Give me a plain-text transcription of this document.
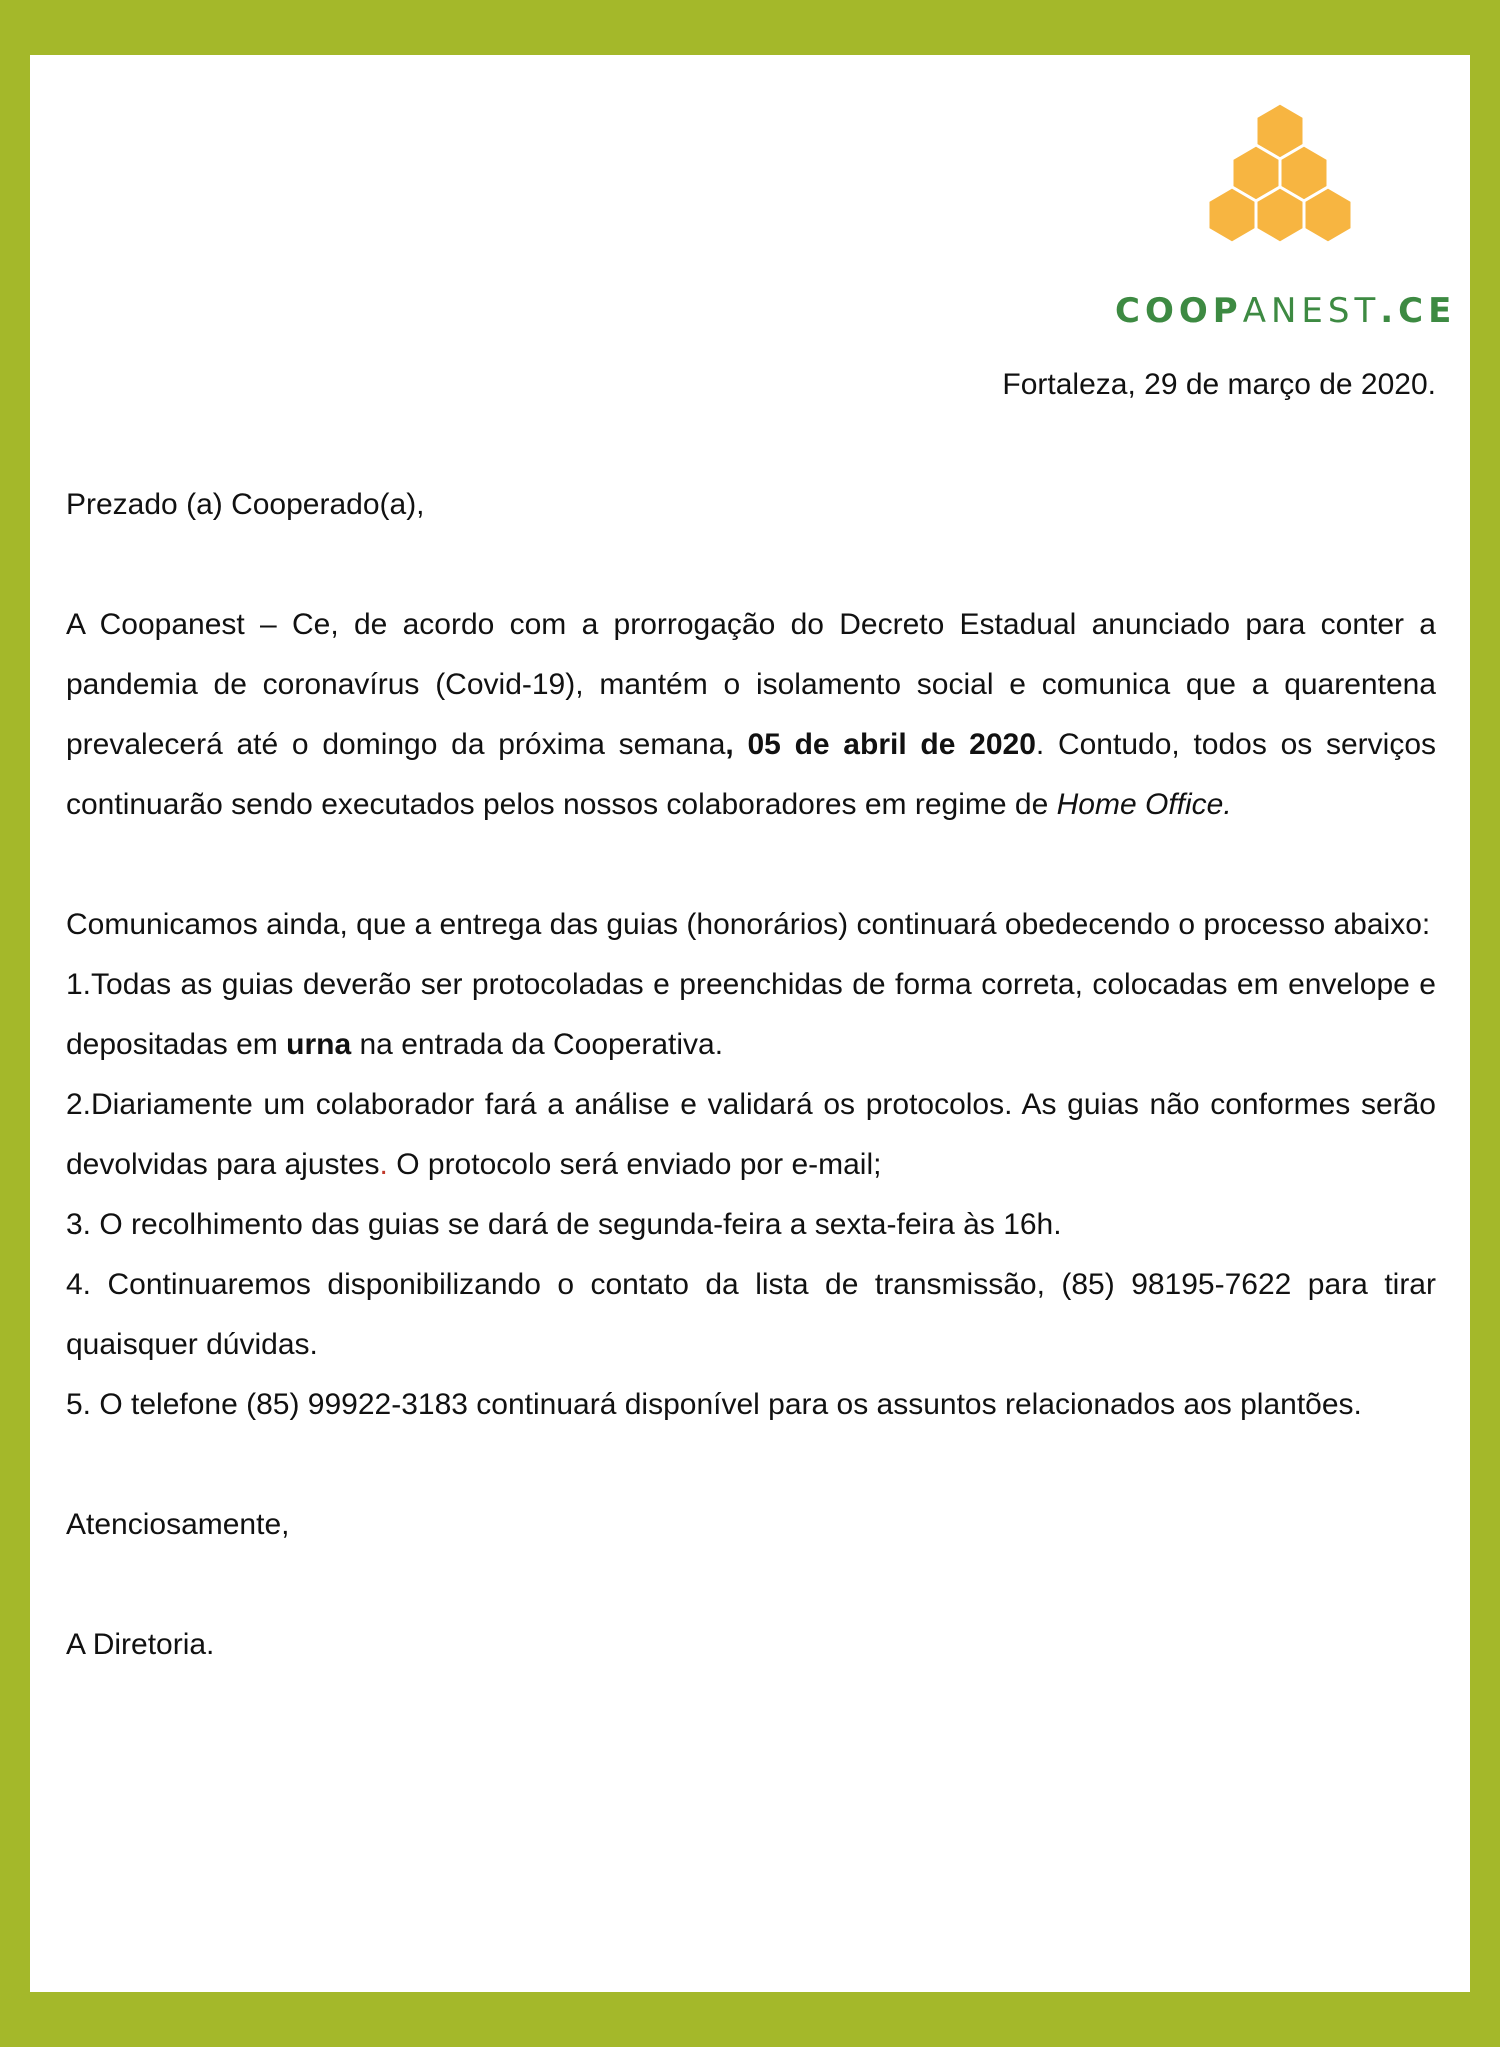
COOPANEST.CE

Fortaleza, 29 de março de 2020.

Prezado (a) Cooperado(a),

A Coopanest – Ce, de acordo com a prorrogação do Decreto Estadual anunciado para conter a pandemia de coronavírus (Covid-19), mantém o isolamento social e comunica que a quarentena prevalecerá até o domingo da próxima semana, 05 de abril de 2020. Contudo, todos os serviços continuarão sendo executados pelos nossos colaboradores em regime de Home Office.

Comunicamos ainda, que a entrega das guias (honorários) continuará obedecendo o processo abaixo:

1.Todas as guias deverão ser protocoladas e preenchidas de forma correta, colocadas em envelope e depositadas em urna na entrada da Cooperativa.

2.Diariamente um colaborador fará a análise e validará os protocolos. As guias não conformes serão devolvidas para ajustes. O protocolo será enviado por e-mail;

3. O recolhimento das guias se dará de segunda-feira a sexta-feira às 16h.

4. Continuaremos disponibilizando o contato da lista de transmissão, (85) 98195-7622 para tirar quaisquer dúvidas.

5. O telefone (85) 99922-3183 continuará disponível para os assuntos relacionados aos plantões.

Atenciosamente,

A Diretoria.
